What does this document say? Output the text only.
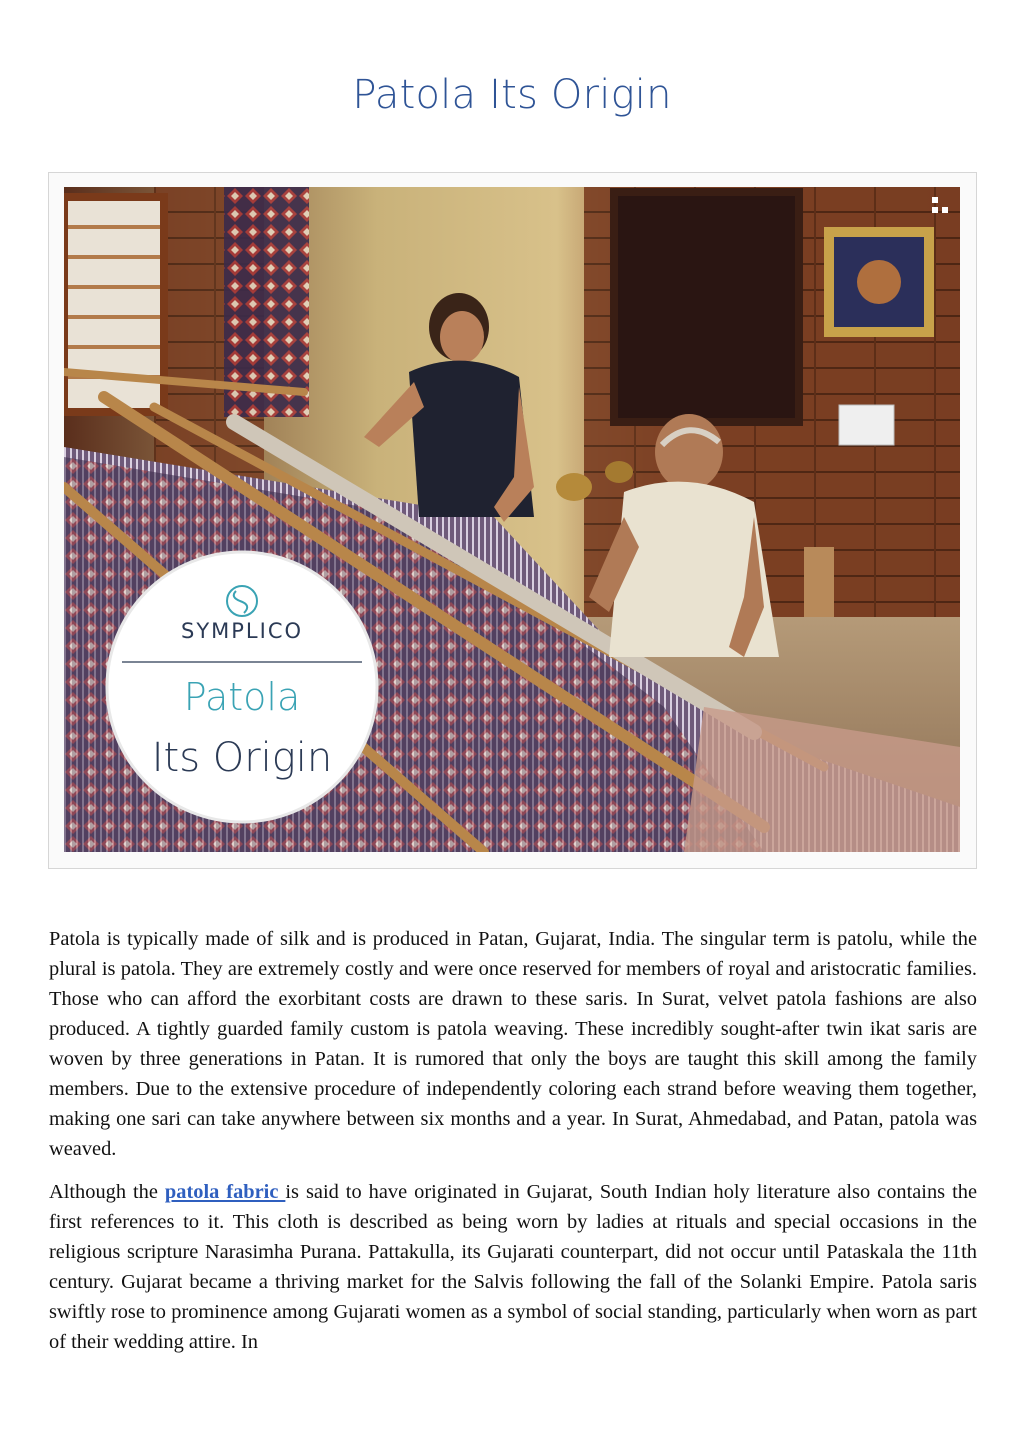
Patola Its Origin
SYMPLICO
Patola
Its Origin

Patola is typically made of silk and is produced in Patan, Gujarat, India. The singular term is patolu, while the plural is patola. They are extremely costly and were once reserved for members of royal and aristocratic families. Those who can afford the exorbitant costs are drawn to these saris. In Surat, velvet patola fashions are also produced. A tightly guarded family custom is patola weaving. These incredibly sought-after twin ikat saris are woven by three generations in Patan. It is rumored that only the boys are taught this skill among the family members. Due to the extensive procedure of independently coloring each strand before weaving them together, making one sari can take anywhere between six months and a year. In Surat, Ahmedabad, and Patan, patola was weaved.

Although the patola fabric is said to have originated in Gujarat, South Indian holy literature also contains the first references to it. This cloth is described as being worn by ladies at rituals and special occasions in the religious scripture Narasimha Purana. Pattakulla, its Gujarati counterpart, did not occur until Pataskala the 11th century. Gujarat became a thriving market for the Salvis following the fall of the Solanki Empire. Patola saris swiftly rose to prominence among Gujarati women as a symbol of social standing, particularly when worn as part of their wedding attire. In
